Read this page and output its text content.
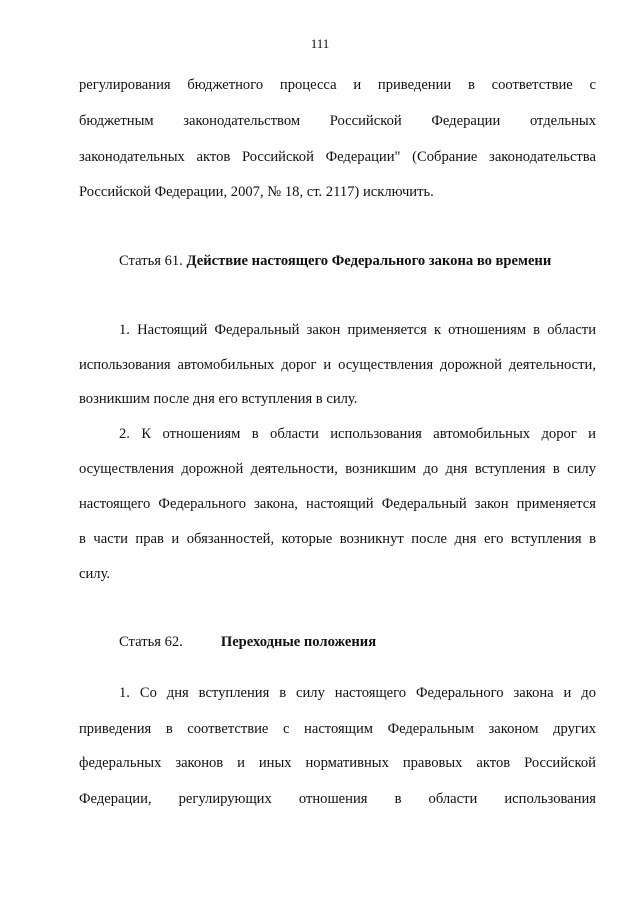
111
регулирования бюджетного процесса и приведении в соответствие с
бюджетным законодательством Российской Федерации отдельных
законодательных актов Российской Федерации" (Собрание законодательства
Российской Федерации, 2007, № 18, ст. 2117) исключить.
Статья 61. Действие настоящего Федерального закона во времени
1. Настоящий Федеральный закон применяется к отношениям в области
использования автомобильных дорог и осуществления дорожной деятельности,
возникшим после дня его вступления в силу.
2. К отношениям в области использования автомобильных дорог и
осуществления дорожной деятельности, возникшим до дня вступления в силу
настоящего Федерального закона, настоящий Федеральный закон применяется
в части прав и обязанностей, которые возникнут после дня его вступления в
силу.
Статья 62.	Переходные положения
1. Со дня вступления в силу настоящего Федерального закона и до
приведения в соответствие с настоящим Федеральным законом других
федеральных законов и иных нормативных правовых актов Российской
Федерации, регулирующих отношения в области использования
